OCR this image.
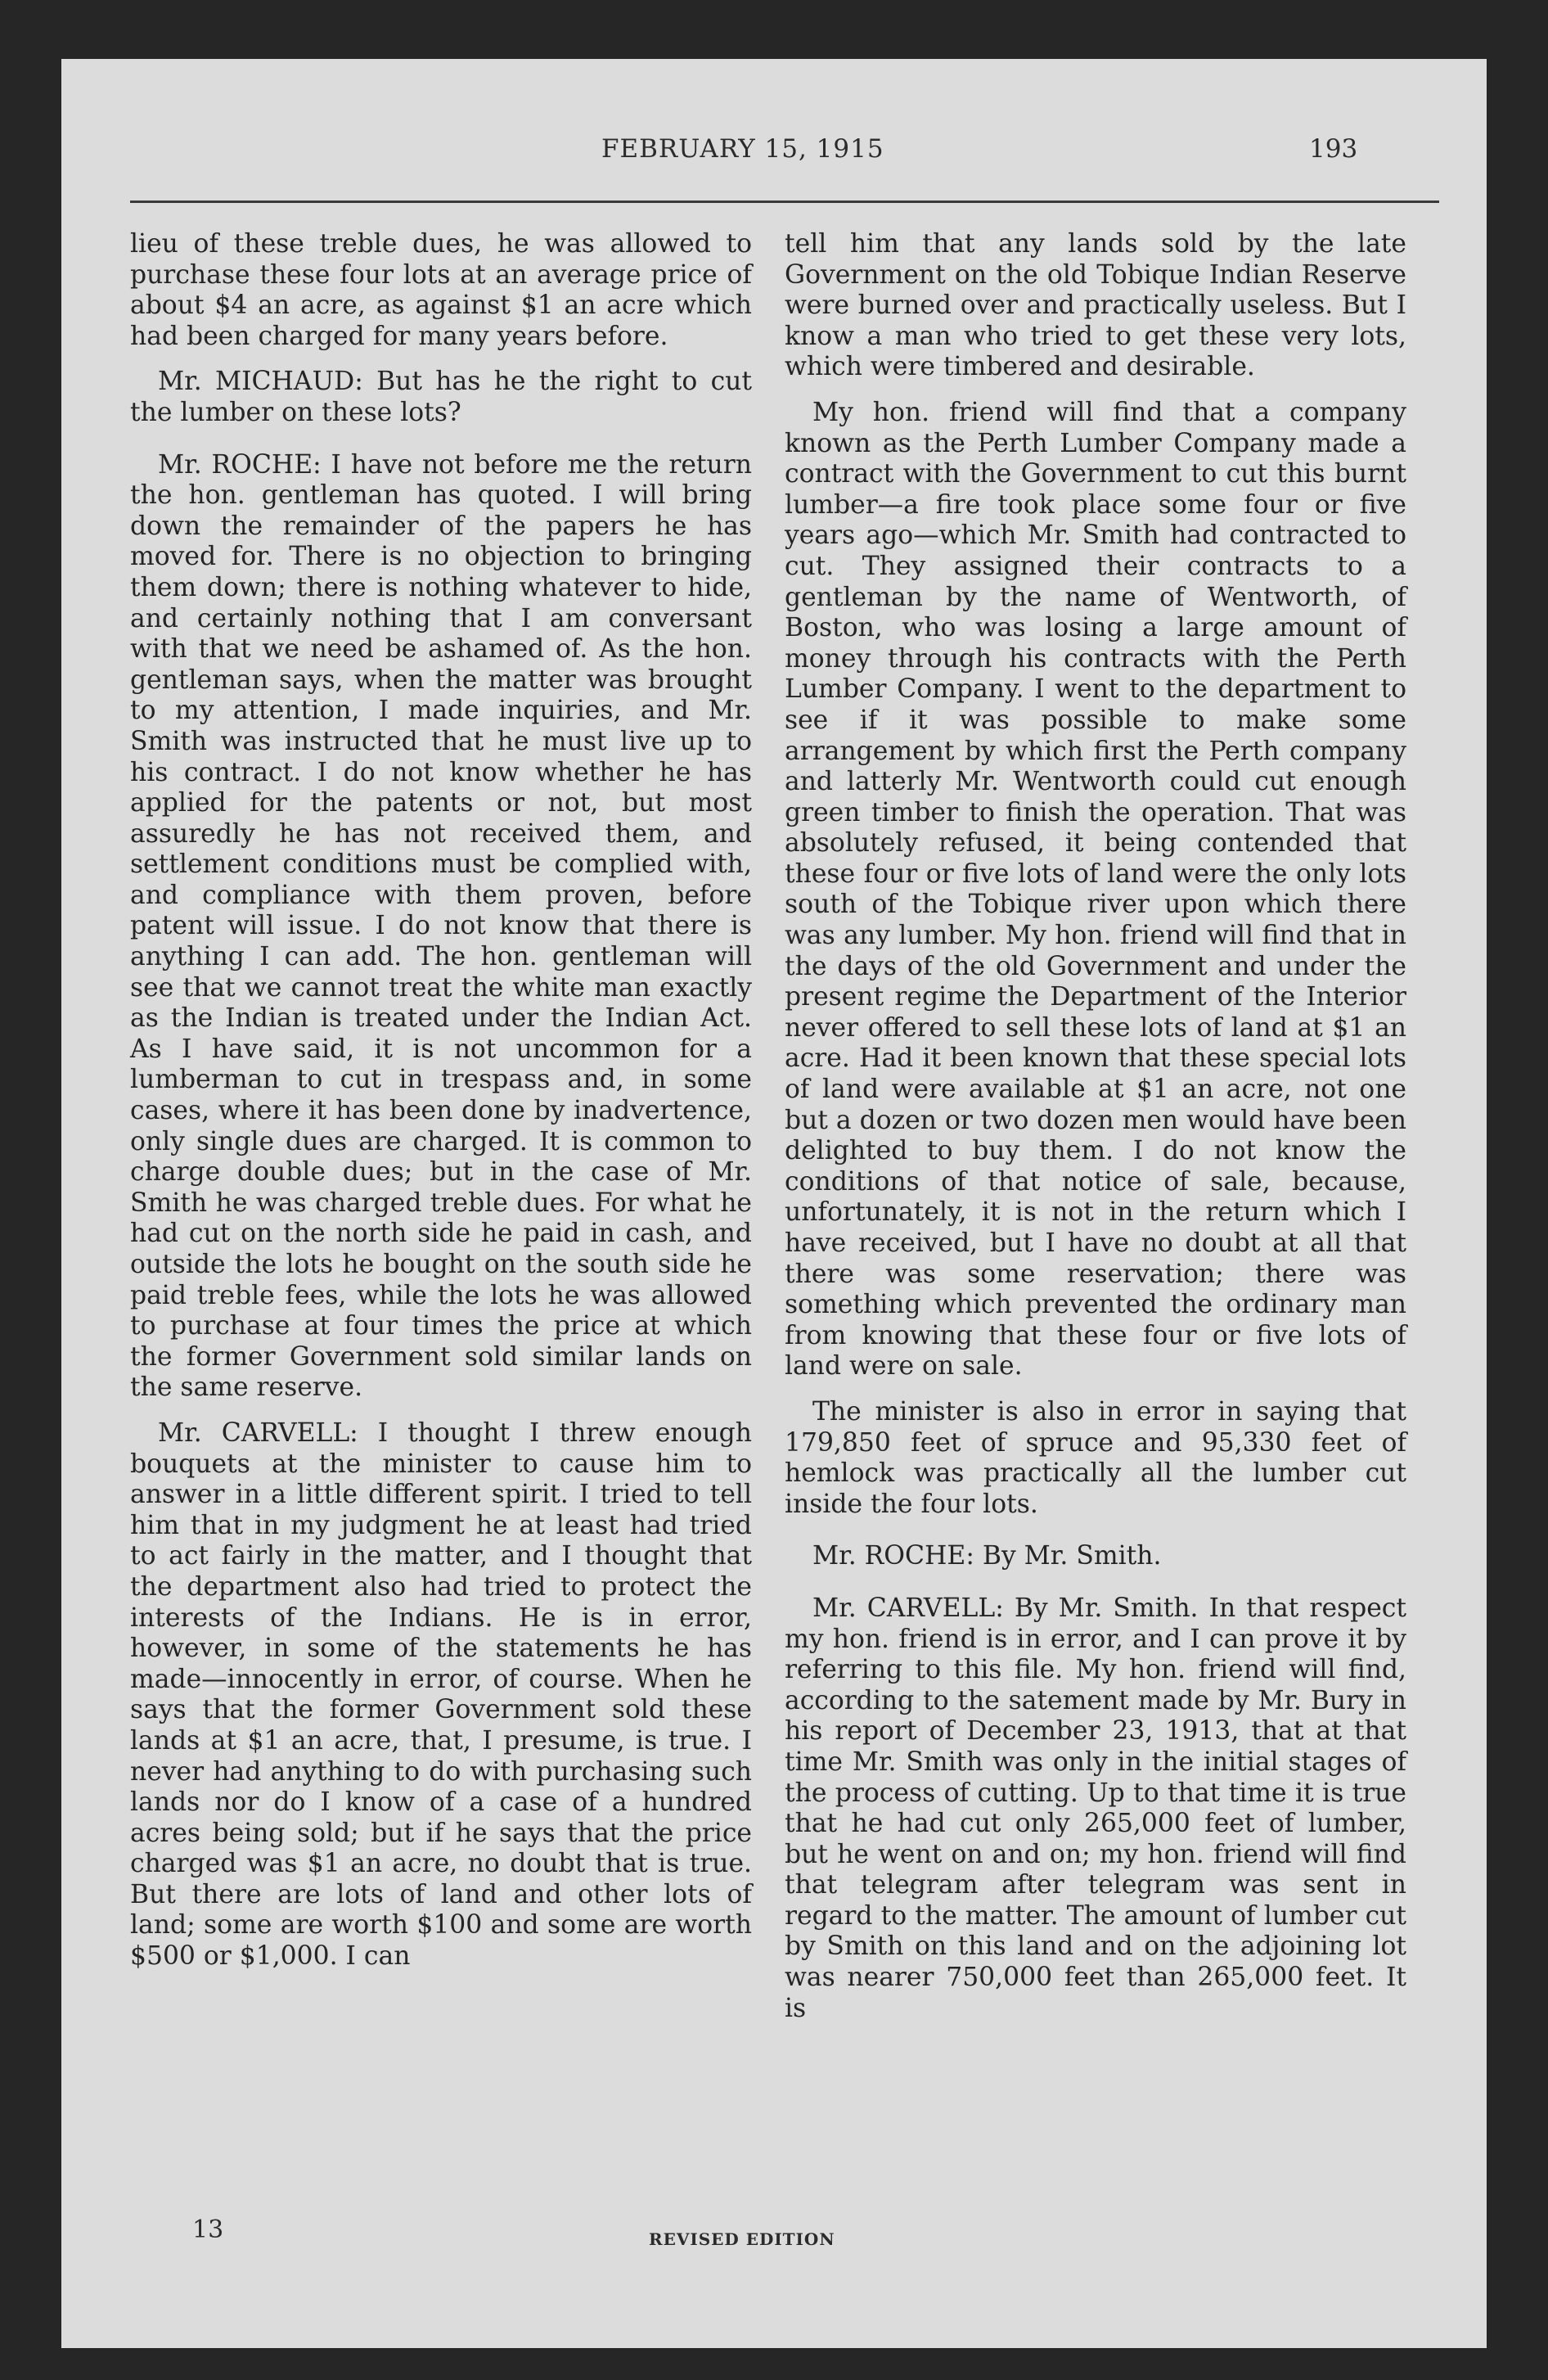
FEBRUARY 15, 1915	193

lieu of these treble dues, he was allowed to purchase these four lots at an average price of about $4 an acre, as against $1 an acre which had been charged for many years before.

Mr. MICHAUD: But has he the right to cut the lumber on these lots?

Mr. ROCHE: I have not before me the return the hon. gentleman has quoted. I will bring down the remainder of the papers he has moved for. There is no objection to bringing them down; there is nothing whatever to hide, and certainly nothing that I am conversant with that we need be ashamed of. As the hon. gentleman says, when the matter was brought to my attention, I made inquiries, and Mr. Smith was instructed that he must live up to his contract. I do not know whether he has applied for the patents or not, but most assuredly he has not received them, and settlement conditions must be complied with, and compliance with them proven, before patent will issue. I do not know that there is anything I can add. The hon. gentleman will see that we cannot treat the white man exactly as the Indian is treated under the Indian Act. As I have said, it is not uncommon for a lumberman to cut in trespass and, in some cases, where it has been done by inadvertence, only single dues are charged. It is common to charge double dues; but in the case of Mr. Smith he was charged treble dues. For what he had cut on the north side he paid in cash, and outside the lots he bought on the south side he paid treble fees, while the lots he was allowed to purchase at four times the price at which the former Government sold similar lands on the same reserve.

Mr. CARVELL: I thought I threw enough bouquets at the minister to cause him to answer in a little different spirit. I tried to tell him that in my judgment he at least had tried to act fairly in the matter, and I thought that the department also had tried to protect the interests of the Indians. He is in error, however, in some of the statements he has made—innocently in error, of course. When he says that the former Government sold these lands at $1 an acre, that, I presume, is true. I never had anything to do with purchasing such lands nor do I know of a case of a hundred acres being sold; but if he says that the price charged was $1 an acre, no doubt that is true. But there are lots of land and other lots of land; some are worth $100 and some are worth $500 or $1,000. I can

tell him that any lands sold by the late Government on the old Tobique Indian Reserve were burned over and practically useless. But I know a man who tried to get these very lots, which were timbered and desirable.

My hon. friend will find that a company known as the Perth Lumber Company made a contract with the Government to cut this burnt lumber—a fire took place some four or five years ago—which Mr. Smith had contracted to cut. They assigned their contracts to a gentleman by the name of Wentworth, of Boston, who was losing a large amount of money through his contracts with the Perth Lumber Company. I went to the department to see if it was possible to make some arrangement by which first the Perth company and latterly Mr. Wentworth could cut enough green timber to finish the operation. That was absolutely refused, it being contended that these four or five lots of land were the only lots south of the Tobique river upon which there was any lumber. My hon. friend will find that in the days of the old Government and under the present regime the Department of the Interior never offered to sell these lots of land at $1 an acre. Had it been known that these special lots of land were available at $1 an acre, not one but a dozen or two dozen men would have been delighted to buy them. I do not know the conditions of that notice of sale, because, unfortunately, it is not in the return which I have received, but I have no doubt at all that there was some reservation; there was something which prevented the ordinary man from knowing that these four or five lots of land were on sale.

The minister is also in error in saying that 179,850 feet of spruce and 95,330 feet of hemlock was practically all the lumber cut inside the four lots.

Mr. ROCHE: By Mr. Smith.

Mr. CARVELL: By Mr. Smith. In that respect my hon. friend is in error, and I can prove it by referring to this file. My hon. friend will find, according to the satement made by Mr. Bury in his report of December 23, 1913, that at that time Mr. Smith was only in the initial stages of the process of cutting. Up to that time it is true that he had cut only 265,000 feet of lumber, but he went on and on; my hon. friend will find that telegram after telegram was sent in regard to the matter. The amount of lumber cut by Smith on this land and on the adjoining lot was nearer 750,000 feet than 265,000 feet. It is

13	REVISED EDITION
